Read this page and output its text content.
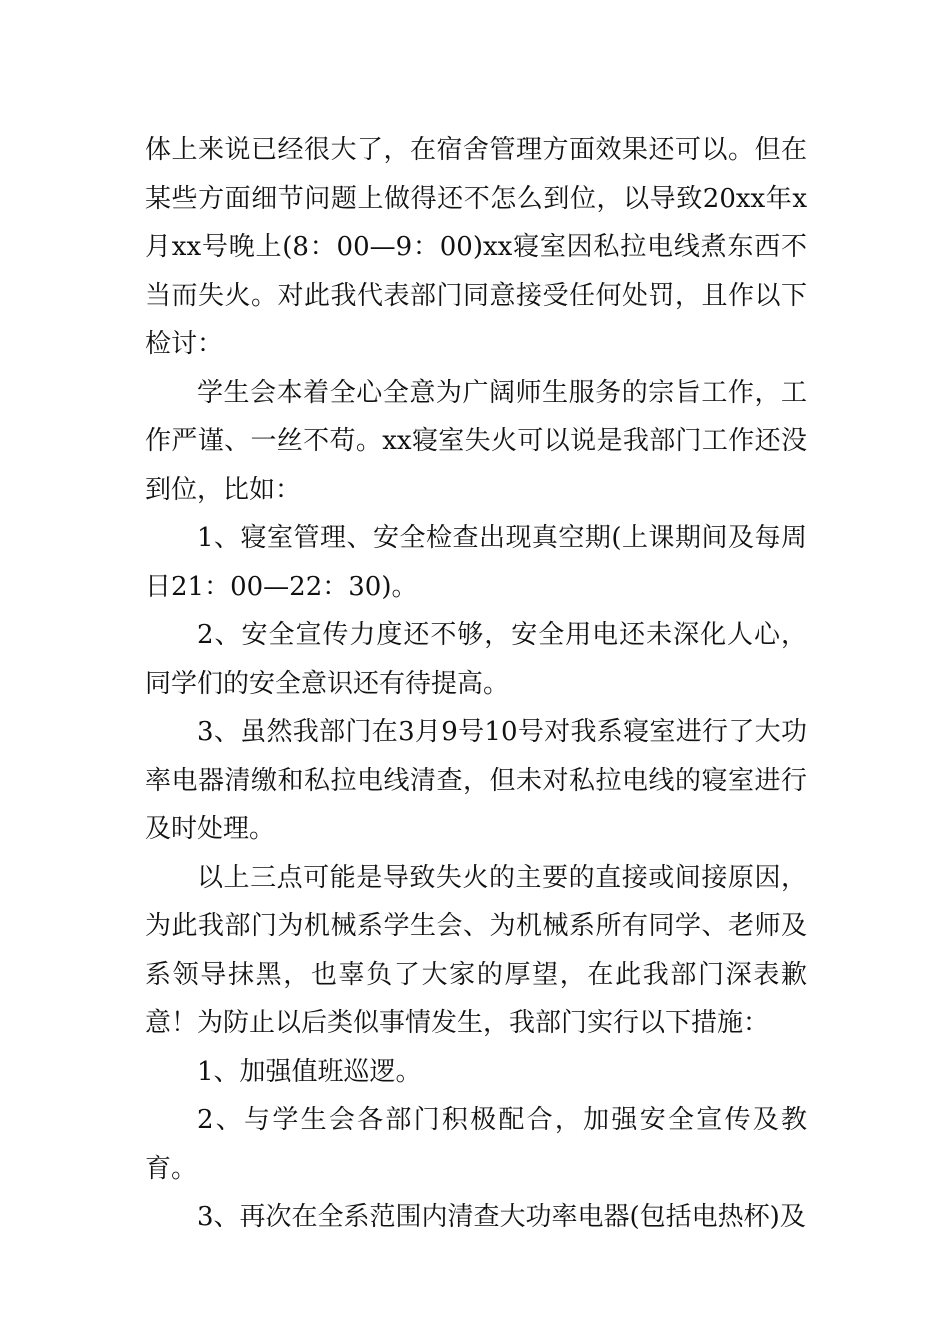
体上来说已经很大了，在宿舍管理方面效果还可以。但在某些方面细节问题上做得还不怎么到位，以导致20xx年x月xx号晚上(8：00—9：00)xx寝室因私拉电线煮东西不当而失火。对此我代表部门同意接受任何处罚，且作以下检讨：

学生会本着全心全意为广阔师生服务的宗旨工作，工作严谨、一丝不苟。xx寝室失火可以说是我部门工作还没到位，比如：

1、寝室管理、安全检查出现真空期(上课期间及每周日21：00—22：30)。

2、安全宣传力度还不够，安全用电还未深化人心，同学们的安全意识还有待提高。

3、虽然我部门在3月9号10号对我系寝室进行了大功率电器清缴和私拉电线清查，但未对私拉电线的寝室进行及时处理。

以上三点可能是导致失火的主要的直接或间接原因，为此我部门为机械系学生会、为机械系所有同学、老师及系领导抹黑，也辜负了大家的厚望，在此我部门深表歉意！为防止以后类似事情发生，我部门实行以下措施：

1、加强值班巡逻。

2、与学生会各部门积极配合，加强安全宣传及教育。

3、再次在全系范围内清查大功率电器(包括电热杯)及
